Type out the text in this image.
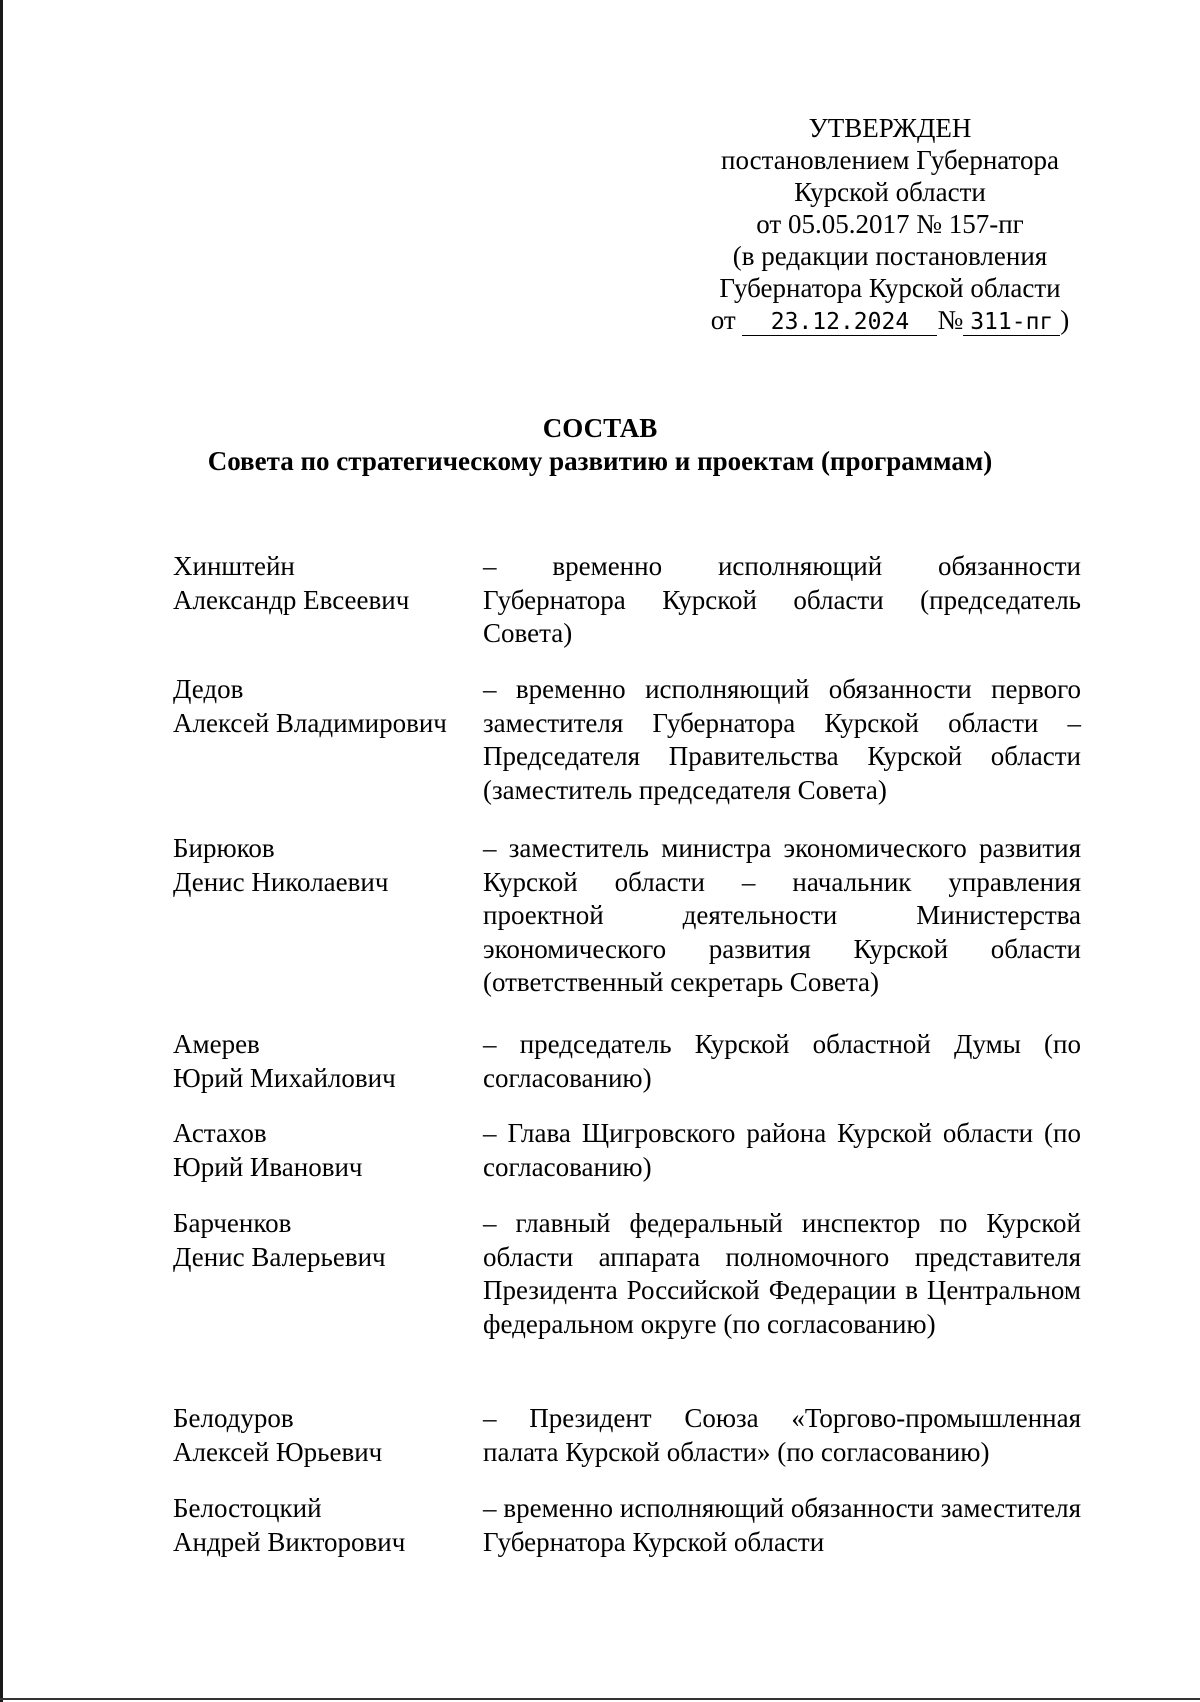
УТВЕРЖДЕН
постановлением Губернатора
Курской области
от 05.05.2017 № 157-пг
(в редакции постановления
Губернатора Курской области
от 23.12.2024 № 311-пг )
СОСТАВ
Совета по стратегическому развитию и проектам (программам)
Хинштейн
Александр Евсеевич
– временно исполняющий обязанности Губернатора Курской области (председатель Совета)
Дедов
Алексей Владимирович
– временно исполняющий обязанности первого заместителя Губернатора Курской области – Председателя Правительства Курской области (заместитель председателя Совета)
Бирюков
Денис Николаевич
– заместитель министра экономического развития Курской области – начальник управления проектной деятельности Министерства экономического развития Курской области (ответственный секретарь Совета)
Амерев
Юрий Михайлович
– председатель Курской областной Думы (по согласованию)
Астахов
Юрий Иванович
– Глава Щигровского района Курской области (по согласованию)
Барченков
Денис Валерьевич
– главный федеральный инспектор по Курской области аппарата полномочного представителя Президента Российской Федерации в Центральном федеральном округе (по согласованию)
Белодуров
Алексей Юрьевич
– Президент Союза «Торгово-промышленная палата Курской области» (по согласованию)
Белостоцкий
Андрей Викторович
– временно исполняющий обязанности заместителя Губернатора Курской области
